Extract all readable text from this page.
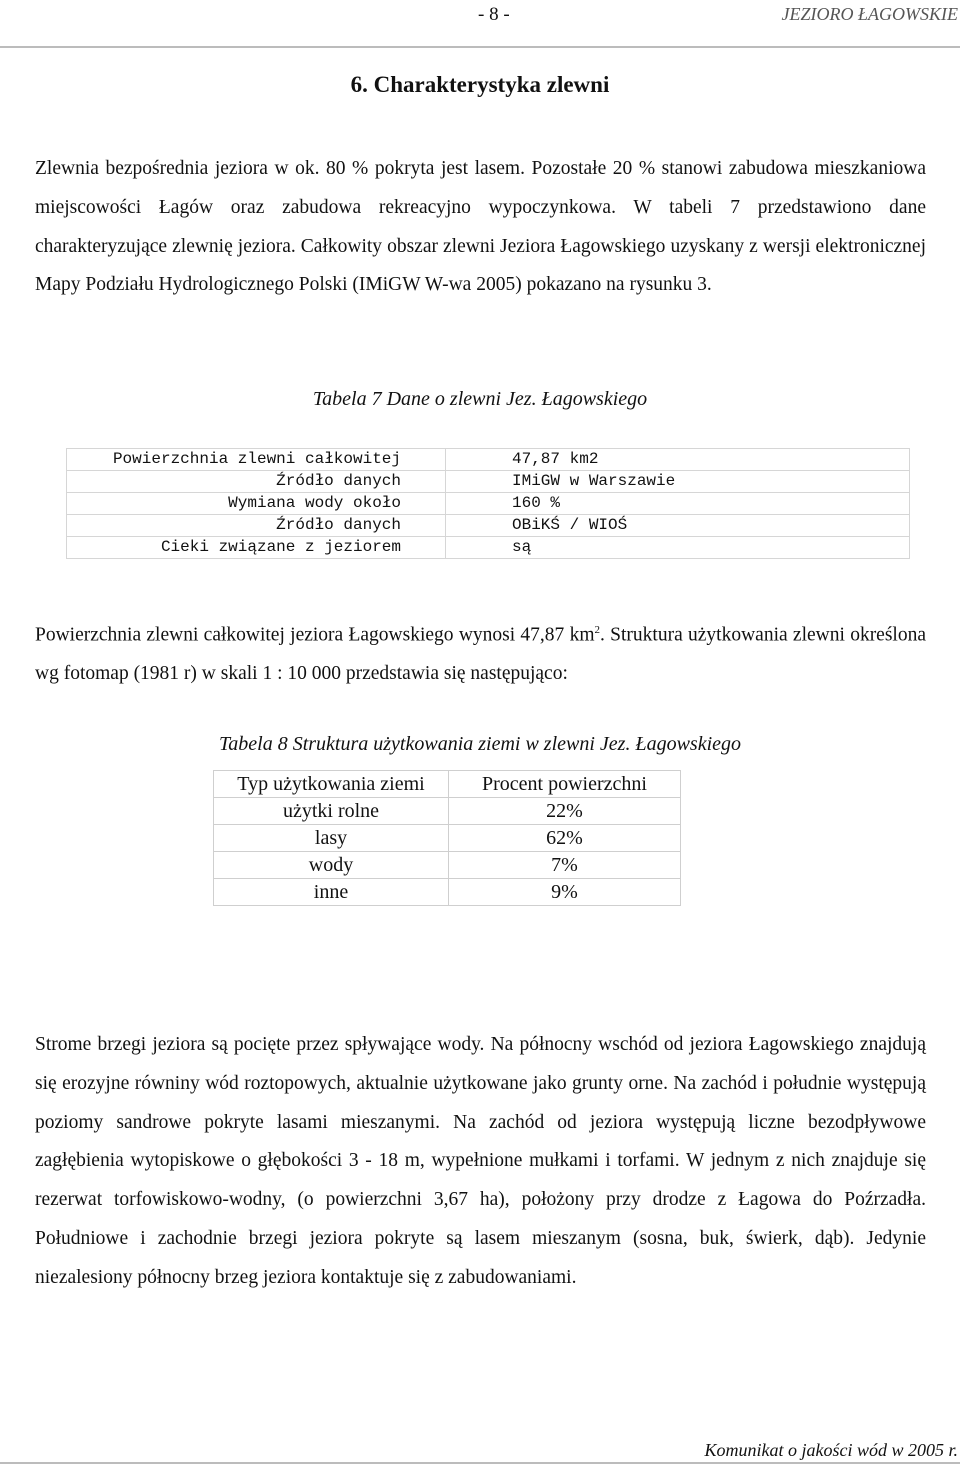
- 8 -	JEZIORO ŁAGOWSKIE
6. Charakterystyka zlewni

Zlewnia bezpośrednia jeziora w ok. 80 % pokryta jest lasem. Pozostałe 20 % stanowi zabudowa mieszkaniowa miejscowości Łagów oraz zabudowa rekreacyjno wypoczynkowa. W tabeli 7 przedstawiono dane charakteryzujące zlewnię jeziora. Całkowity obszar zlewni Jeziora Łagowskiego uzyskany z wersji elektronicznej Mapy Podziału Hydrologicznego Polski (IMiGW W-wa 2005) pokazano na rysunku 3.

Tabela 7 Dane o zlewni Jez. Łagowskiego
Powierzchnia zlewni całkowitej	47,87 km2
Źródło danych	IMiGW w Warszawie
Wymiana wody około	160 %
Źródło danych	OBiKŚ / WIOŚ
Cieki związane z jeziorem	są

Powierzchnia zlewni całkowitej jeziora Łagowskiego wynosi 47,87 $km^2$. Struktura użytkowania zlewni określona wg fotomap (1981 r) w skali 1 : 10 000 przedstawia się następująco:

Tabela 8 Struktura użytkowania ziemi w zlewni Jez. Łagowskiego
Typ użytkowania ziemi	Procent powierzchni
użytki rolne	22%
lasy	62%
wody	7%
inne	9%

Strome brzegi jeziora są pocięte przez spływające wody. Na północny wschód od jeziora Łagowskiego znajdują się erozyjne równiny wód roztopowych, aktualnie użytkowane jako grunty orne. Na zachód i południe występują poziomy sandrowe pokryte lasami mieszanymi. Na zachód od jeziora występują liczne bezodpływowe zagłębienia wytopiskowe o głębokości 3 - 18 m, wypełnione mułkami i torfami. W jednym z nich znajduje się rezerwat torfowiskowo-wodny, (o powierzchni 3,67 ha), położony przy drodze z Łagowa do Poźrzadła. Południowe i zachodnie brzegi jeziora pokryte są lasem mieszanym (sosna, buk, świerk, dąb). Jedynie niezalesiony północny brzeg jeziora kontaktuje się z zabudowaniami.

Komunikat o jakości wód w 2005 r.
